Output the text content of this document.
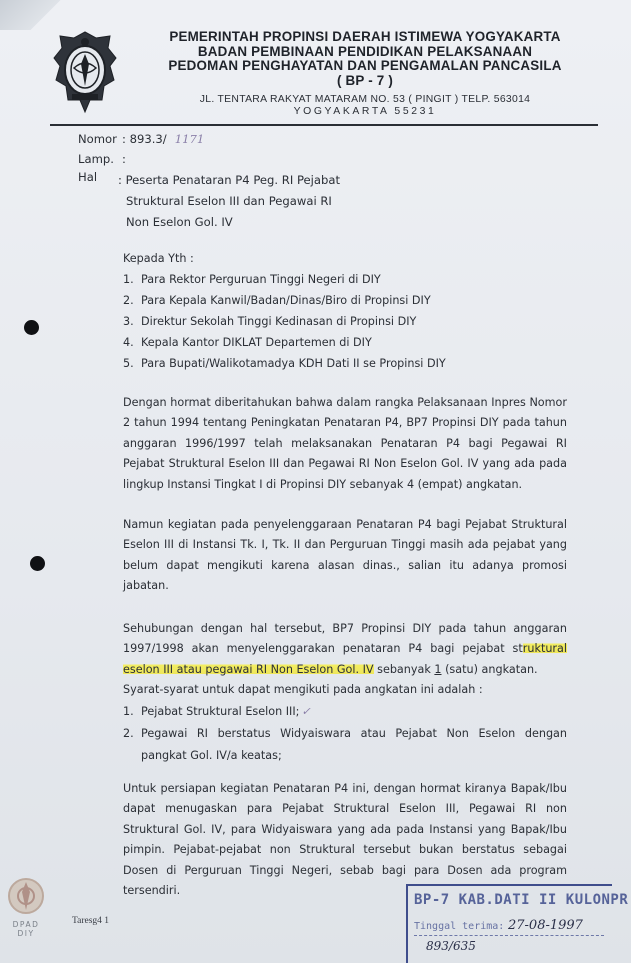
PEMERINTAH PROPINSI DAERAH ISTIMEWA YOGYAKARTA
BADAN PEMBINAAN PENDIDIKAN PELAKSANAAN
PEDOMAN PENGHAYATAN DAN PENGAMALAN PANCASILA
( BP - 7 )
JL. TENTARA RAKYAT MATARAM NO. 53 ( PINGIT ) TELP. 563014
YOGYAKARTA 55231
Nomor : 893.3/ 1171
Lamp. :
Hal	: Peserta Penataran P4 Peg. RI Pejabat
Struktural Eselon III dan Pegawai RI
Non Eselon Gol. IV
Kepada Yth :
1. Para Rektor Perguruan Tinggi Negeri di DIY
2. Para Kepala Kanwil/Badan/Dinas/Biro di Propinsi DIY
3. Direktur Sekolah Tinggi Kedinasan di Propinsi DIY
4. Kepala Kantor DIKLAT Departemen di DIY
5. Para Bupati/Walikotamadya KDH Dati II se Propinsi DIY
Dengan hormat diberitahukan bahwa dalam rangka Pelaksanaan Inpres Nomor 2 tahun 1994 tentang Peningkatan Penataran P4, BP7 Propinsi DIY pada tahun anggaran 1996/1997 telah melaksanakan Penataran P4 bagi Pegawai RI Pejabat Struktural Eselon III dan Pegawai RI Non Eselon Gol. IV yang ada pada lingkup Instansi Tingkat I di Propinsi DIY sebanyak 4 (empat) angkatan.
Namun kegiatan pada penyelenggaraan Penataran P4 bagi Pejabat Struktural Eselon III di Instansi Tk. I, Tk. II dan Perguruan Tinggi masih ada pejabat yang belum dapat mengikuti karena alasan dinas., salian itu adanya promosi jabatan.
Sehubungan dengan hal tersebut, BP7 Propinsi DIY pada tahun anggaran 1997/1998 akan menyelenggarakan penataran P4 bagi pejabat struktural eselon III atau pegawai RI Non Eselon Gol. IV sebanyak 1 (satu) angkatan.
Syarat-syarat untuk dapat mengikuti pada angkatan ini adalah :
1. Pejabat Struktural Eselon III; ✓
2. Pegawai RI berstatus Widyaiswara atau Pejabat Non Eselon dengan
pangkat Gol. IV/a keatas;
Untuk persiapan kegiatan Penataran P4 ini, dengan hormat kiranya Bapak/Ibu dapat menugaskan para Pejabat Struktural Eselon III, Pegawai RI non Struktural Gol. IV, para Widyaiswara yang ada pada Instansi yang Bapak/Ibu pimpin. Pejabat-pejabat non Struktural tersebut bukan berstatus sebagai Dosen di Perguruan Tinggi Negeri, sebab bagi para Dosen ada program tersendiri.
Taresg4 1
DPAD
DIY
BP-7 KAB.DATI II KULONPR
Tinggal terima: 27-08-1997
893/635
